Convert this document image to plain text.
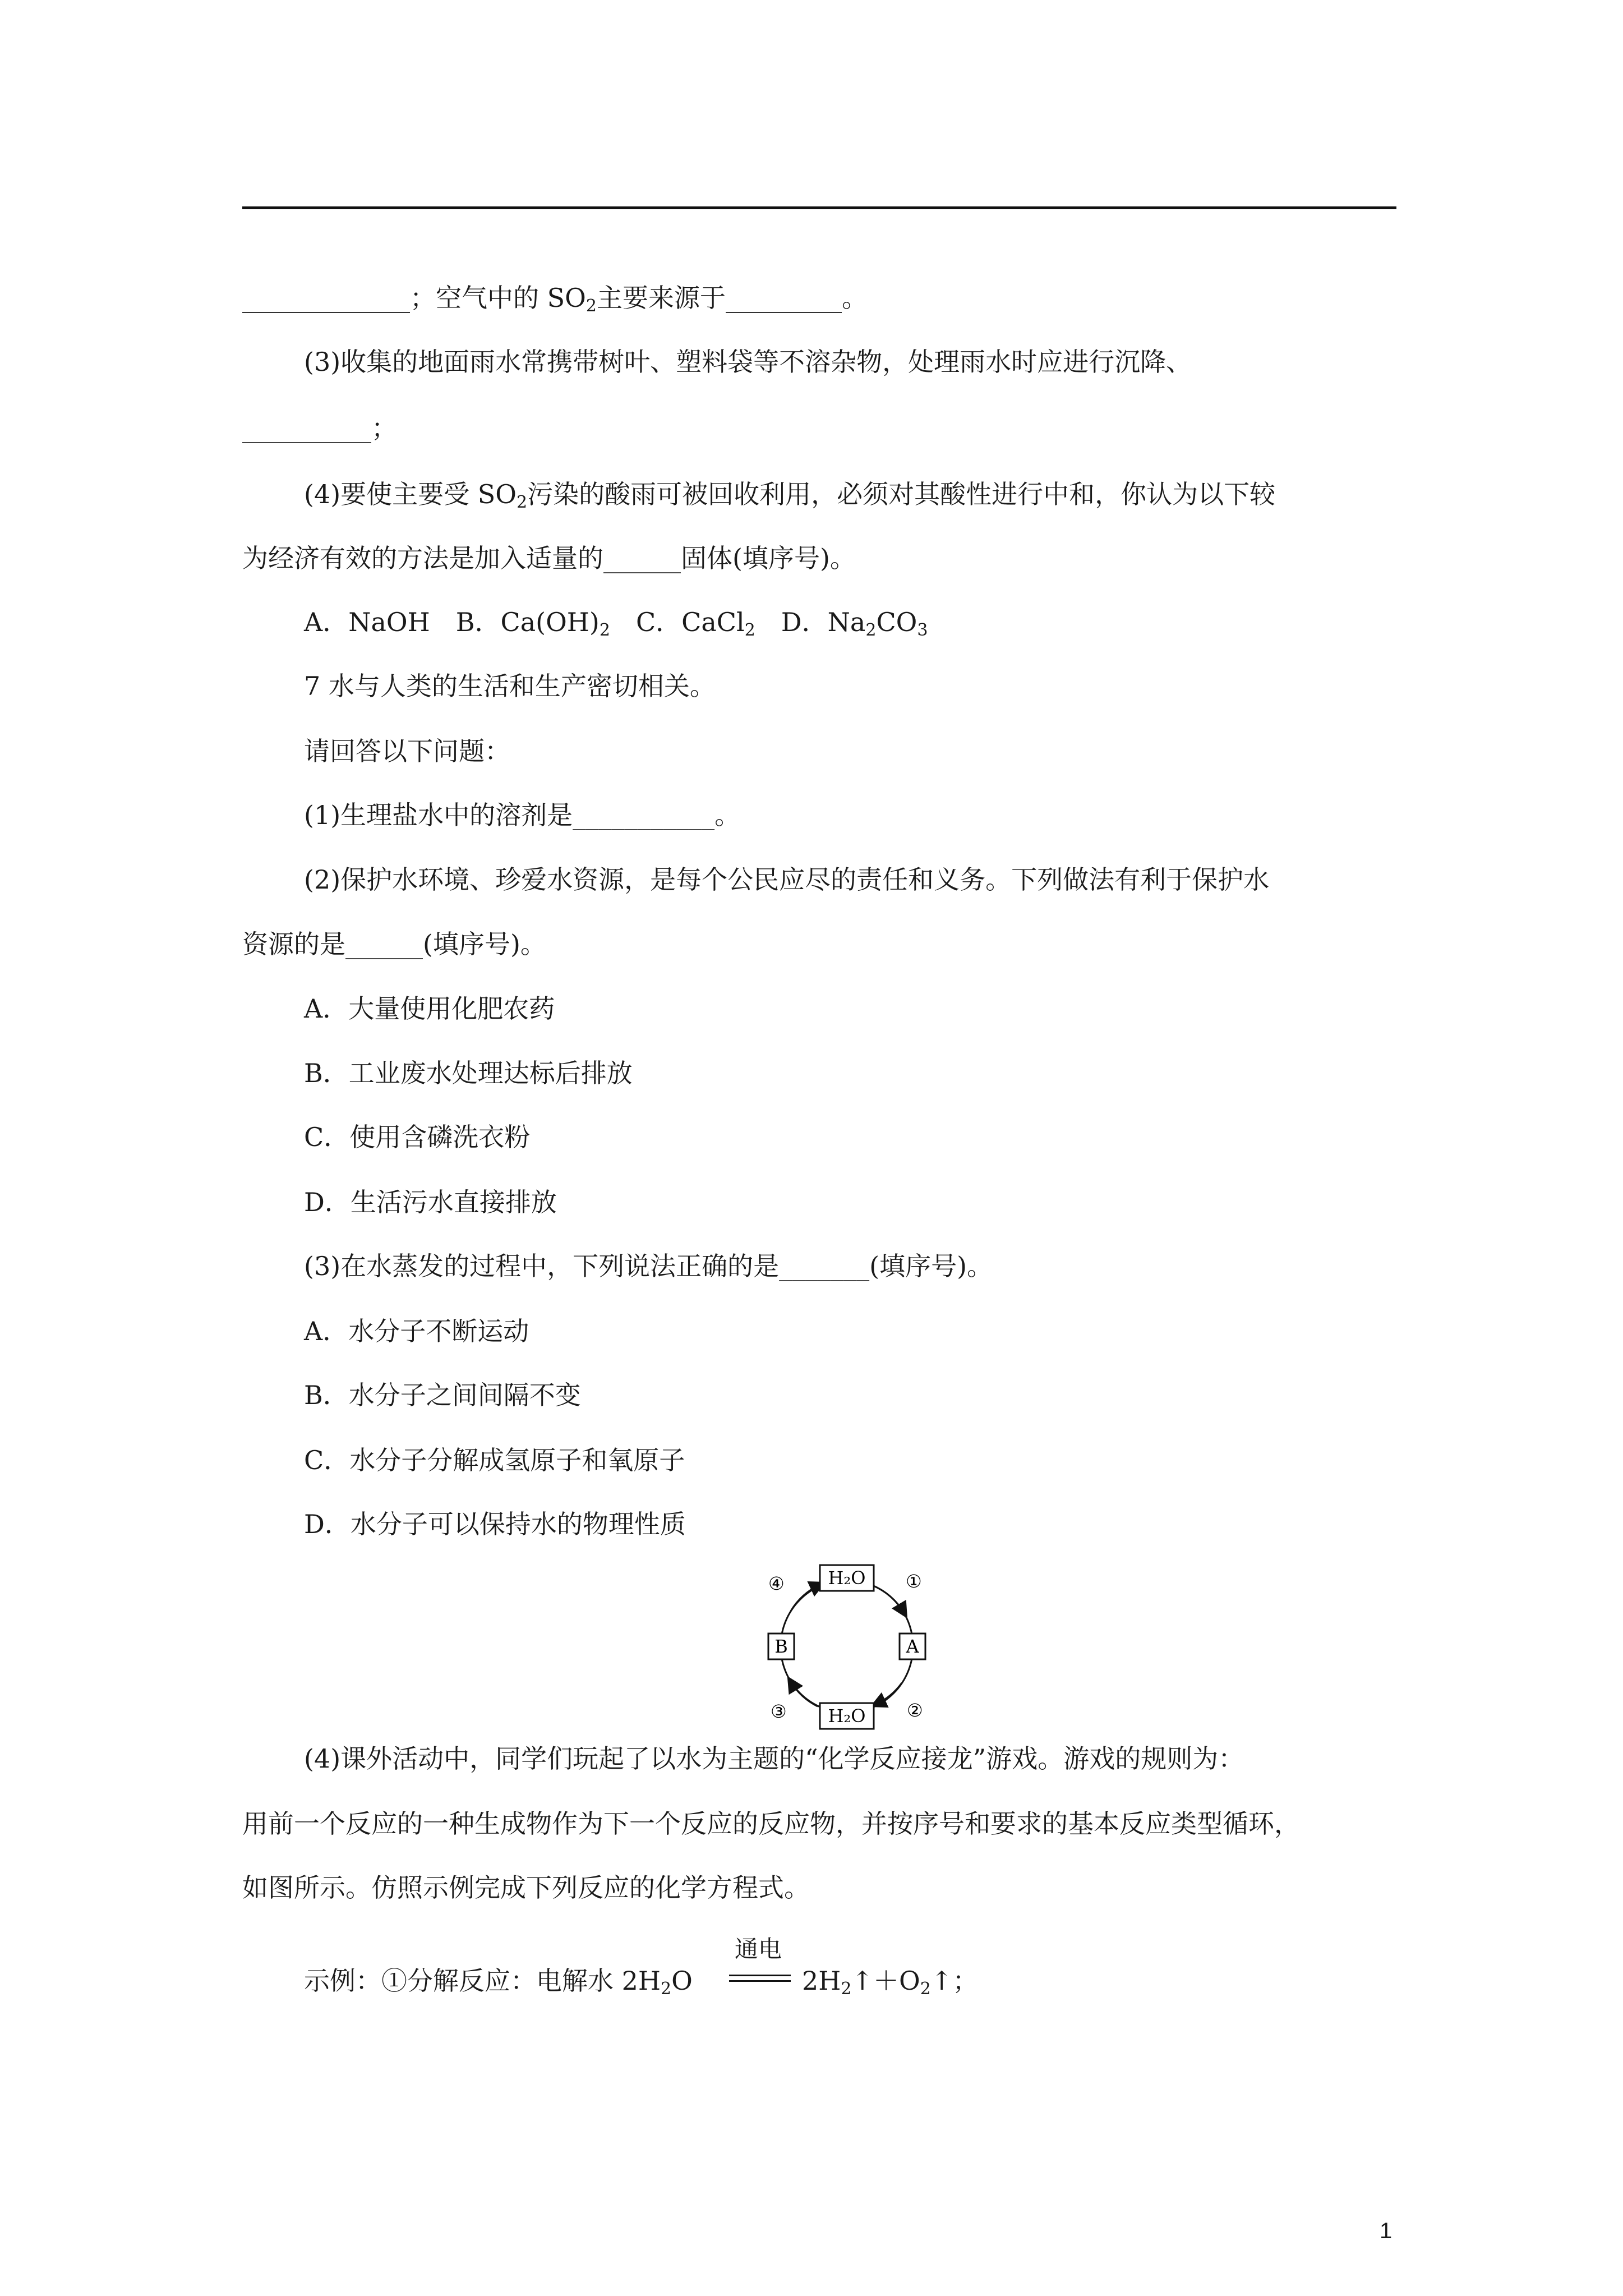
_____________；空气中的 $SO_2$主要来源于_________。
(3)收集的地面雨水常携带树叶、塑料袋等不溶杂物，处理雨水时应进行沉降、
__________；
(4)要使主要受 $SO_2$污染的酸雨可被回收利用，必须对其酸性进行中和，你认为以下较
为经济有效的方法是加入适量的______固体(填序号)。
A．NaOH　B．$Ca(OH)_2$　C．CaCl$_2$　D．$Na_2CO_3$
7 水与人类的生活和生产密切相关。
请回答以下问题：
(1)生理盐水中的溶剂是___________。
(2)保护水环境、珍爱水资源，是每个公民应尽的责任和义务。下列做法有利于保护水
资源的是______(填序号)。
A．大量使用化肥农药
B．工业废水处理达标后排放
C．使用含磷洗衣粉
D．生活污水直接排放
(3)在水蒸发的过程中，下列说法正确的是_______(填序号)。
A．水分子不断运动
B．水分子之间间隔不变
C．水分子分解成氢原子和氧原子
D．水分子可以保持水的物理性质
H₂O
H₂O
B	A
①
②
③
④
(4)课外活动中，同学们玩起了以水为主题的“化学反应接龙”游戏。游戏的规则为：
用前一个反应的一种生成物作为下一个反应的反应物，并按序号和要求的基本反应类型循环，
如图所示。仿照示例完成下列反应的化学方程式。
示例：①分解反应：电解水 $2H_2O$
通电
$2H_2↑+O_2↑$；
1
